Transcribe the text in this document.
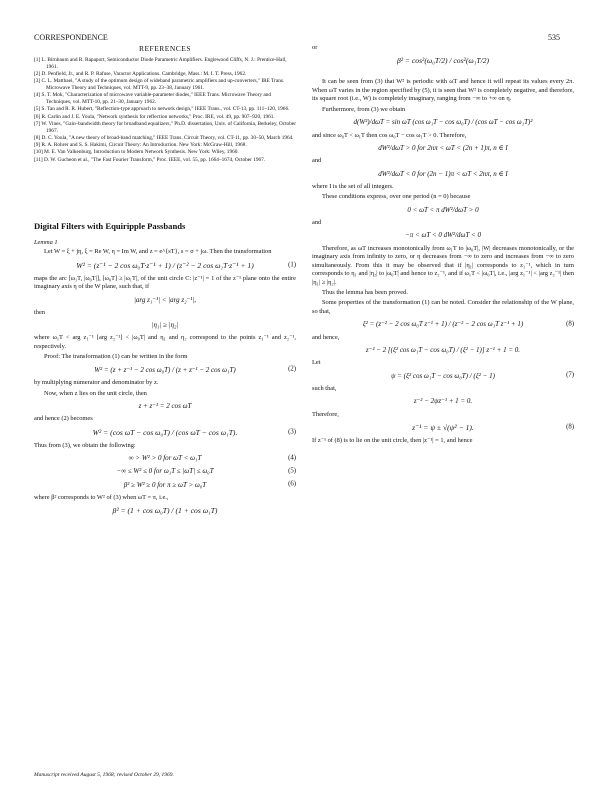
CORRESPONDENCE	535
REFERENCES
[1] L. Birnbaum and R. Rapaport, Semiconductor Diode Parametric Amplifiers. Englewood Cliffs, N. J.: Prentice-Hall, 1961.
[2] D. Penfield, Jr., and R. P. Rafuse, Varactor Applications. Cambridge, Mass.: M. I. T. Press, 1962.
[3] C. L. Matthaei, "A study of the optimum design of wideband parametric amplifiers and up-converters," IRE Trans. Microwave Theory and Techniques, vol. MTT-9, pp. 23–38, January 1961.
[4] S. T. Mok, "Characterization of microwave variable-parameter diodes," IEEE Trans. Microwave Theory and Techniques, vol. MTT-10, pp. 21–30, January 1962.
[5] S. Tan and R. R. Hubert, "Reflection-type approach to network design," IEEE Trans., vol. CT-13, pp. 111–120, 1966.
[6] R. Carlin and J. E. Youla, "Network synthesis for reflection networks," Proc. IRE, vol. 49, pp. 907–920, 1961.
[7] W. Vines, "Gain–bandwidth theory for broadband equalizers," Ph.D. dissertation, Univ. of California, Berkeley, October 1967.
[8] D. C. Youla, "A new theory of broad-band matching," IEEE Trans. Circuit Theory, vol. CT-11, pp. 30–50, March 1964.
[9] R. A. Rohrer and S. S. Hakimi, Circuit Theory: An Introduction. New York: McGraw-Hill, 1968.
[10] M. E. Van Valkenburg, Introduction to Modern Network Synthesis. New York: Wiley, 1960.
[11] D. W. Gucheon et al., "The Fast Fourier Transform," Proc. IEEE, vol. 55, pp. 1664–1674, October 1967.
Digital Filters with Equiripple Passbands
Lemma 1

Let W = ξ + jη, ξ = Re W, η = Im W, and z = e^{sT}, s = σ + jω. Then the transformation

W² = (z⁻¹ − 2 cos ω₀T·z⁻¹ + 1) / (z⁻² − 2 cos ω₁T·z⁻¹ + 1)	(1)

maps the arc [ω₁T, |ω₀T|], [ω₀T] ≥ |ω₁T|, of the unit circle C: |z⁻¹| = 1 of the z⁻¹ plane onto the entire imaginary axis η of the W plane, such that, if

|arg z₁⁻¹| < |arg z₂⁻¹|,

then

|η₁| ≥ |η₂|

where ω₁T < arg z₁⁻¹ [arg z₂⁻¹] < |ω₀T| and η₁ and η₂ correspond to the points z₁⁻¹ and z₂⁻¹, respectively.

Proof: The transformation (1) can be written in the form

W² = (z + z⁻¹ − 2 cos ω₀T) / (z + z⁻¹ − 2 cos ω₁T)	(2)

by multiplying numerator and denominator by z.

Now, when z lies on the unit circle, then

z + z⁻¹ = 2 cos ωT

and hence (2) becomes

W² = (cos ωT − cos ω₀T) / (cos ωT − cos ω₁T).	(3)

Thus from (3), we obtain the following:

∞ > W² > 0 for ωT < ω₁T	(4)
−∞ ≤ W² ≤ 0 for ω₁T ≤ |ωT| ≤ ω₀T	(5)
β² ≥ W² ≥ 0 for π ≥ ωT > ω₀T	(6)

where β² corresponds to W² of (3) when ωT = π, i.e.,

β² = (1 + cos ω₀T) / (1 + cos ω₁T)

or

β² = cos²(ω₀T/2) / cos²(ω₁T/2)

It can be seen from (3) that W² is periodic with ωT and hence it will repeat its values every 2π. When ωT varies in the region specified by (5), it is seen that W² is completely negative, and therefore, its square root (i.e., W) is completely imaginary, ranging from −∞ to +∞ on η.

Furthermore, from (3) we obtain

d(W²)/dωT = sin ωT (cos ω₁T − cos ω₀T) / (cos ωT − cos ω₁T)²

and since ω₀T < ω₁T then cos ω₀T − cos ω₁T > 0. Therefore,

dW²/dωT > 0 for 2nπ < ωT < (2n + 1)π, n ∈ I

and

dW²/dωT < 0 for (2n − 1)π < ωT < 2nπ, n ∈ I

where I is the set of all integers.

These conditions express, over one period (n = 0) because

0 < ωT < π dW²/dωT > 0

and

−π < ωT < 0 dW²/dωT < 0

Therefore, as ωT increases monotonically from ω₁T to |ω₀T|, |W| decreases monotonically, or the imaginary axis from infinity to zero, or η decreases from −∞ to zero and increases from −∞ to zero simultaneously. From this it may be observed that if |η₁| corresponds to z₁⁻¹, which in turn corresponds to η₁ and |η₂| to |ω₀T| and hence to z₂⁻¹, and if ω₁T < |ω₀T|, i.e., |arg z₁⁻¹| < |arg z₂⁻¹| then |η₁| ≥ |η₂|.

Thus the lemma has been proved.

Some properties of the transformation (1) can be noted. Consider the relationship of the W plane, so that,

ξ² = (z⁻² − 2 cos ω₀T z⁻¹ + 1) / (z⁻² − 2 cos ω₁T z⁻¹ + 1)	(8)

and hence,

z⁻² − 2 [(ξ² cos ω₁T − cos ω₀T) / (ξ² − 1)] z⁻¹ + 1 = 0.

Let

ψ = (ξ² cos ω₁T − cos ω₀T) / (ξ² − 1)	(7)

such that,

z⁻² − 2ψz⁻¹ + 1 = 0.

Therefore,

z⁻¹ = ψ ± √(ψ² − 1).	(8)

If z⁻¹ of (8) is to lie on the unit circle, then |z⁻¹| = 1, and hence

Manuscript received August 5, 1968; revised October 29, 1969.
